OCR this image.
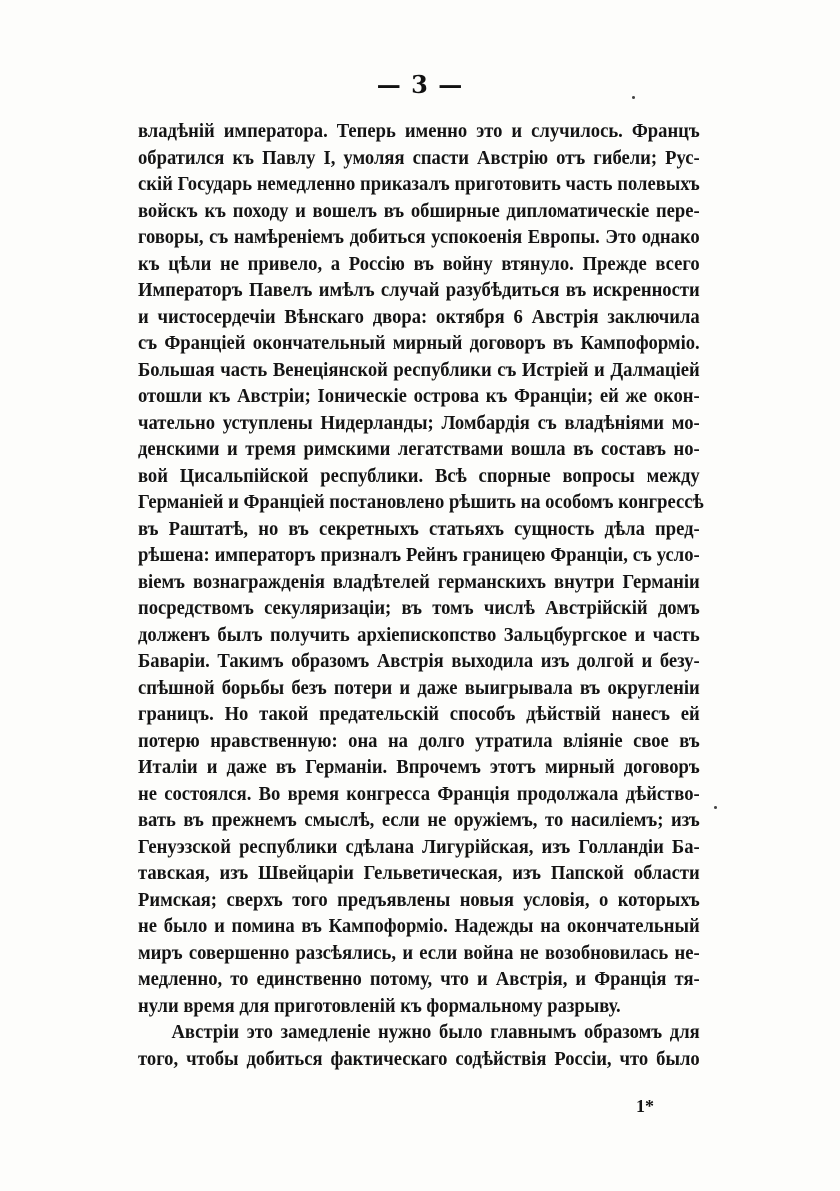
— 3 —
владѣній императора. Теперь именно это и случилось. Францъ
обратился къ Павлу I, умоляя спасти Австрію отъ гибели; Рус-
скій Государь немедленно приказалъ приготовить часть полевыхъ
войскъ къ походу и вошелъ въ обширные дипломатическіе пере-
говоры, съ намѣреніемъ добиться успокоенія Европы. Это однако
къ цѣли не привело, а Россію въ войну втянуло. Прежде всего
Императоръ Павелъ имѣлъ случай разубѣдиться въ искренности
и чистосердечіи Вѣнскаго двора: октября 6 Австрія заключила
съ Франціей окончательный мирный договоръ въ Кампоформіо.
Большая часть Венеціянской республики съ Истріей и Далмаціей
отошли къ Австріи; Іоническіе острова къ Франціи; ей же окон-
чательно уступлены Нидерланды; Ломбардія съ владѣніями мо-
денскими и тремя римскими легатствами вошла въ составъ но-
вой Цисальпійской республики. Всѣ спорные вопросы между
Германіей и Франціей постановлено рѣшить на особомъ конгрессѣ
въ Раштатѣ, но въ секретныхъ статьяхъ сущность дѣла пред-
рѣшена: императоръ призналъ Рейнъ границею Франціи, съ усло-
віемъ вознагражденія владѣтелей германскихъ внутри Германіи
посредствомъ секуляризаціи; въ томъ числѣ Австрійскій домъ
долженъ былъ получить архіепископство Зальцбургское и часть
Баваріи. Такимъ образомъ Австрія выходила изъ долгой и безу-
спѣшной борьбы безъ потери и даже выигрывала въ округленіи
границъ. Но такой предательскій способъ дѣйствій нанесъ ей
потерю нравственную: она на долго утратила вліяніе свое въ
Италіи и даже въ Германіи. Впрочемъ этотъ мирный договоръ
не состоялся. Во время конгресса Франція продолжала дѣйство-
вать въ прежнемъ смыслѣ, если не оружіемъ, то насиліемъ; изъ
Генуэзской республики сдѣлана Лигурійская, изъ Голландіи Ба-
тавская, изъ Швейцаріи Гельветическая, изъ Папской области
Римская; сверхъ того предъявлены новыя условія, о которыхъ
не было и помина въ Кампоформіо. Надежды на окончательный
миръ совершенно разсѣялись, и если война не возобновилась не-
медленно, то единственно потому, что и Австрія, и Франція тя-
нули время для приготовленій къ формальному разрыву.
Австріи это замедленіе нужно было главнымъ образомъ для
того, чтобы добиться фактическаго содѣйствія Россіи, что было
1*
